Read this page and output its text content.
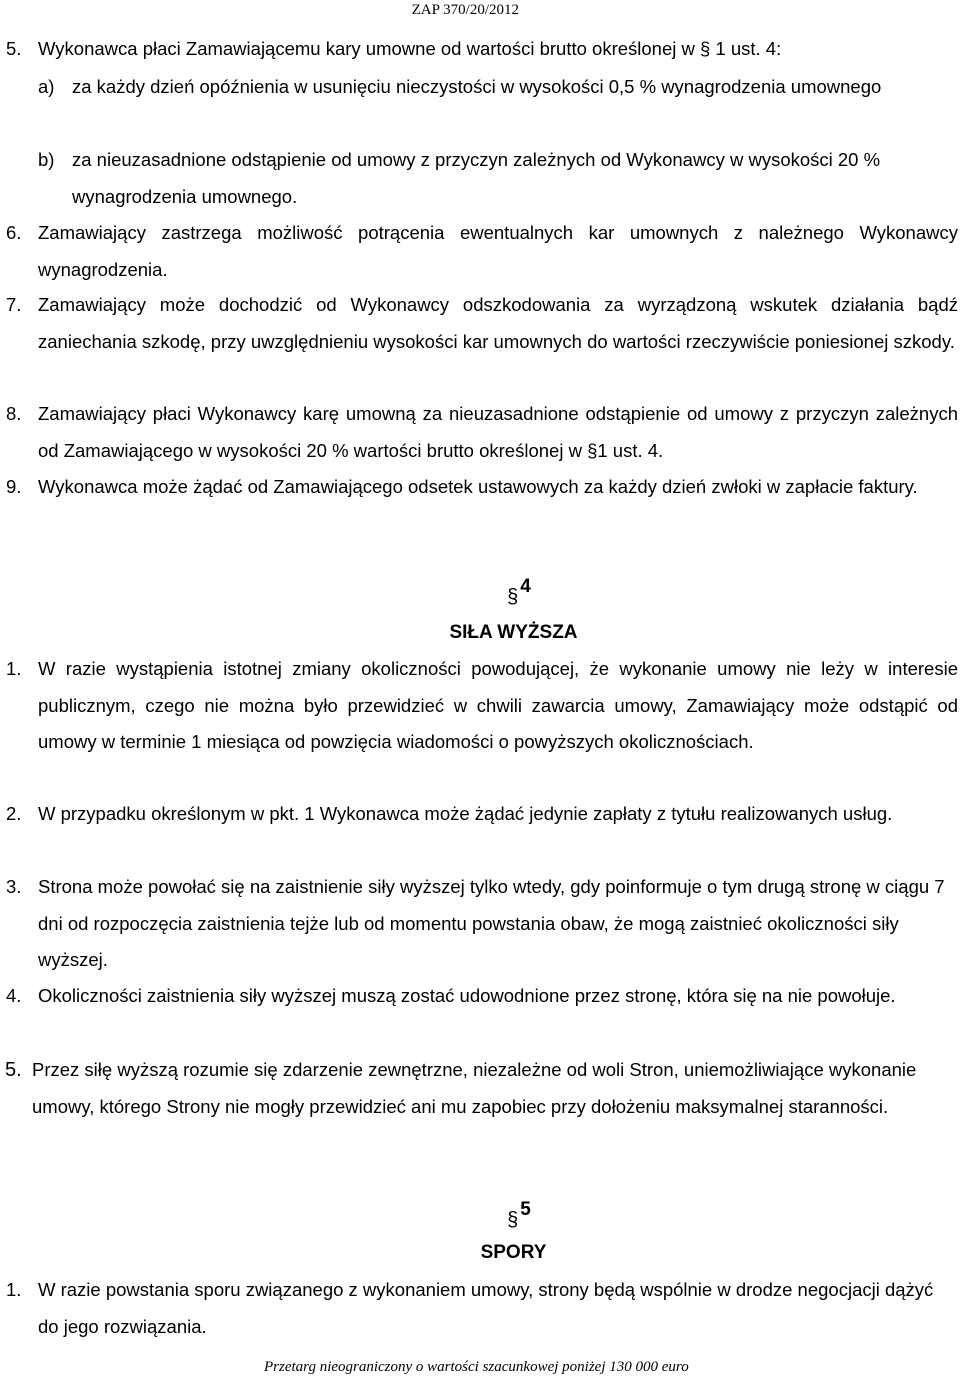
ZAP 370/20/2012
5. Wykonawca płaci Zamawiającemu kary umowne od wartości brutto określonej w § 1 ust. 4:
a) za każdy dzień opóźnienia w usunięciu nieczystości w wysokości 0,5 % wynagrodzenia umownego
b) za nieuzasadnione odstąpienie od umowy z przyczyn zależnych od Wykonawcy w wysokości 20 % wynagrodzenia umownego.
6. Zamawiający zastrzega możliwość potrącenia ewentualnych kar umownych z należnego Wykonawcy wynagrodzenia.
7. Zamawiający może dochodzić od Wykonawcy odszkodowania za wyrządzoną wskutek działania bądź zaniechania szkodę, przy uwzględnieniu wysokości kar umownych do wartości rzeczywiście poniesionej szkody.
8. Zamawiający płaci Wykonawcy karę umowną za nieuzasadnione odstąpienie od umowy z przyczyn zależnych od Zamawiającego w wysokości 20 % wartości brutto określonej w §1 ust. 4.
9. Wykonawca może żądać od Zamawiającego odsetek ustawowych za każdy dzień zwłoki w zapłacie faktury.
§ 4
SIŁA WYŻSZA
1. W razie wystąpienia istotnej zmiany okoliczności powodującej, że wykonanie umowy nie leży w interesie publicznym, czego nie można było przewidzieć w chwili zawarcia umowy, Zamawiający może odstąpić od umowy w terminie 1 miesiąca od powzięcia wiadomości o powyższych okolicznościach.
2. W przypadku określonym w pkt. 1 Wykonawca może żądać jedynie zapłaty z tytułu realizowanych usług.
3. Strona może powołać się na zaistnienie siły wyższej tylko wtedy, gdy poinformuje o tym drugą stronę w ciągu 7 dni od rozpoczęcia zaistnienia tejże lub od momentu powstania obaw, że mogą zaistnieć okoliczności siły wyższej.
4. Okoliczności zaistnienia siły wyższej muszą zostać udowodnione przez stronę, która się na nie powołuje.
5. Przez siłę wyższą rozumie się zdarzenie zewnętrzne, niezależne od woli Stron, uniemożliwiające wykonanie umowy, którego Strony nie mogły przewidzieć ani mu zapobiec przy dołożeniu maksymalnej staranności.
§ 5
SPORY
1. W razie powstania sporu związanego z wykonaniem umowy, strony będą wspólnie w drodze negocjacji dążyć do jego rozwiązania.
Przetarg nieograniczony o wartości szacunkowej poniżej 130 000 euro
